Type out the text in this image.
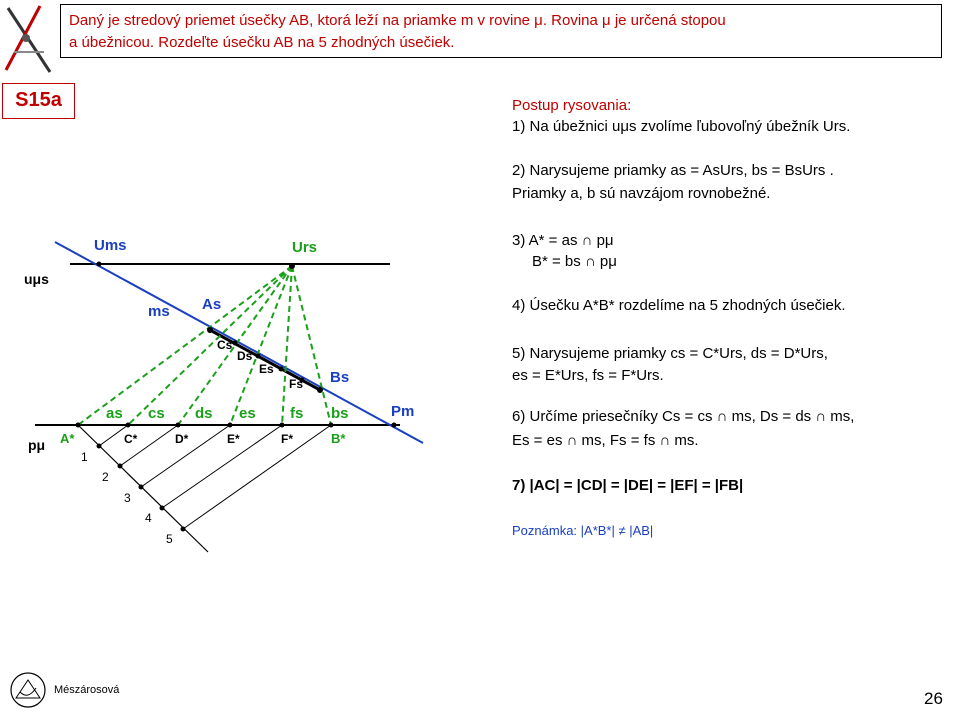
Daný je stredový priemet úsečky AB, ktorá leží na priamke m v rovine μ. Rovina μ je určená stopou
a úbežnicou. Rozdeľte úsečku AB na 5 zhodných úsečiek.
S15a
Ums	Urs
uμs
ms As
Cs
Ds
Es
Fs Bs
Pm
as cs ds es fs bs
pμ A*	C*	D*	E*	F*	B*
1
2
3
4
5
Postup rysovania:
1) Na úbežnici uμs zvolíme ľubovoľný úbežník Urs.
2) Narysujeme priamky as = AsUrs, bs = BsUrs .
Priamky a, b sú navzájom rovnobežné.
3) A* = as ∩ pμ
B* = bs ∩ pμ
4) Úsečku A*B* rozdelíme na 5 zhodných úsečiek.
5) Narysujeme priamky cs = C*Urs, ds = D*Urs,
es = E*Urs, fs = F*Urs.
6) Určíme priesečníky Cs = cs ∩ ms, Ds = ds ∩ ms,
Es = es ∩ ms, Fs = fs ∩ ms.
7) |AC| = |CD| = |DE| = |EF| = |FB|
Poznámka: |A*B*| ≠ |AB|
Mészárosová	26
